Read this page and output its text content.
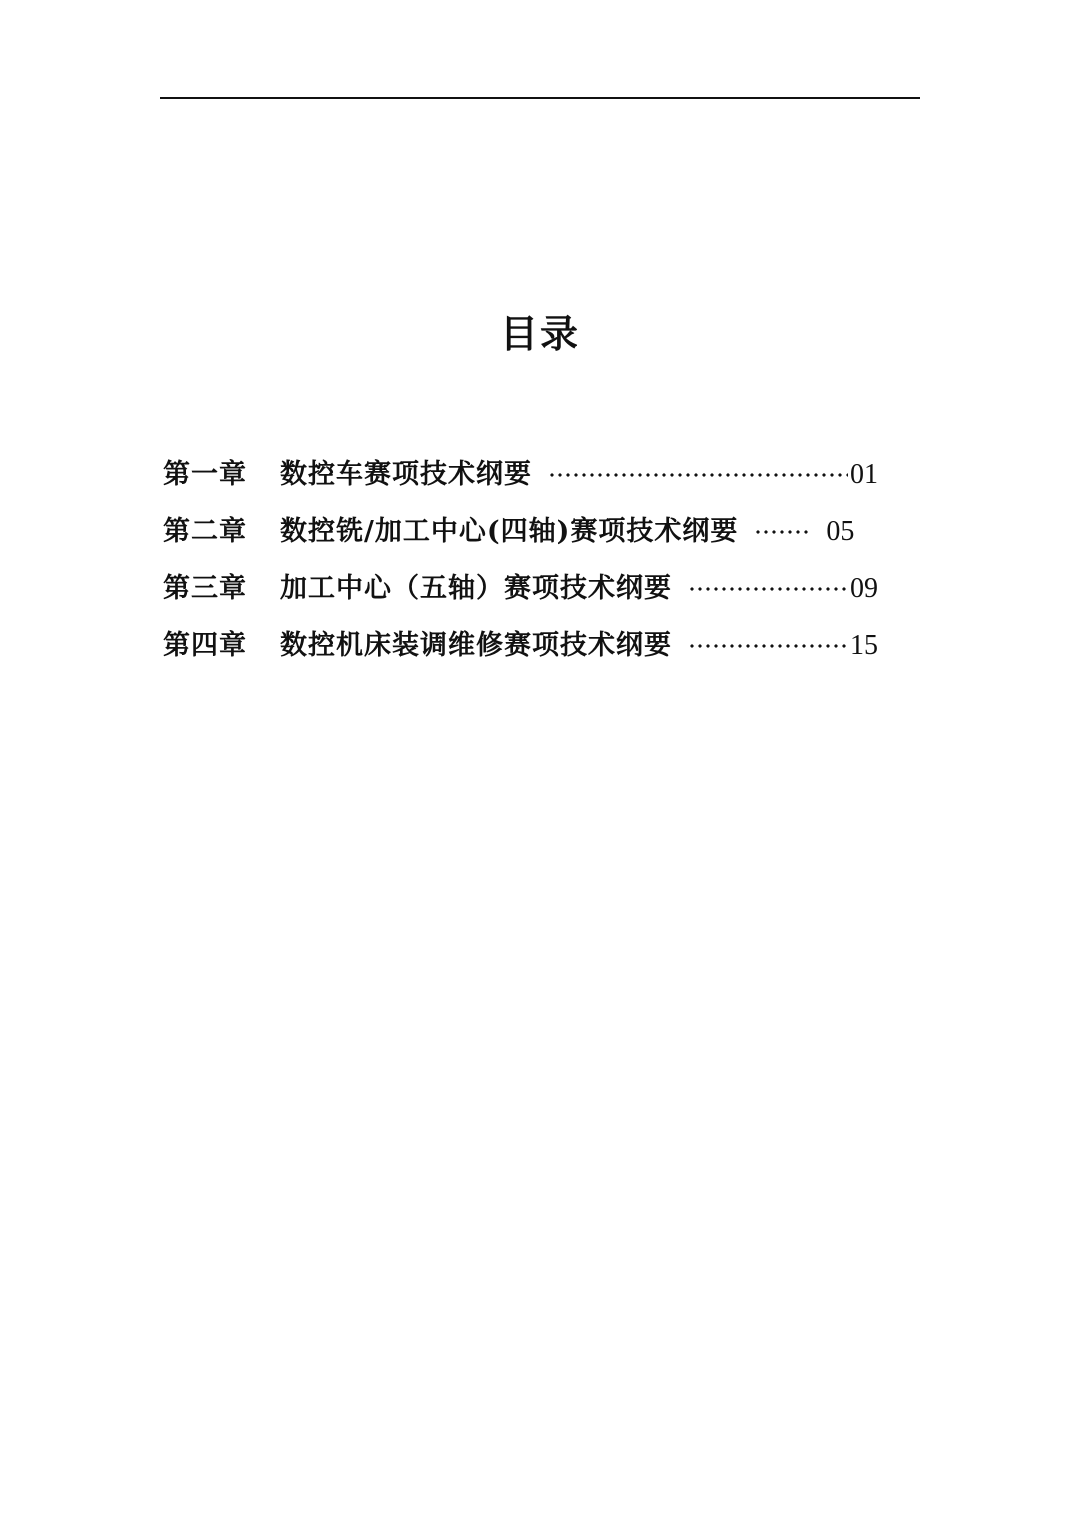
目录
第一章	数控车赛项技术纲要	01
第二章	数控铣/加工中心(四轴)赛项技术纲要	05
第三章	加工中心（五轴）赛项技术纲要	09
第四章	数控机床装调维修赛项技术纲要	15
